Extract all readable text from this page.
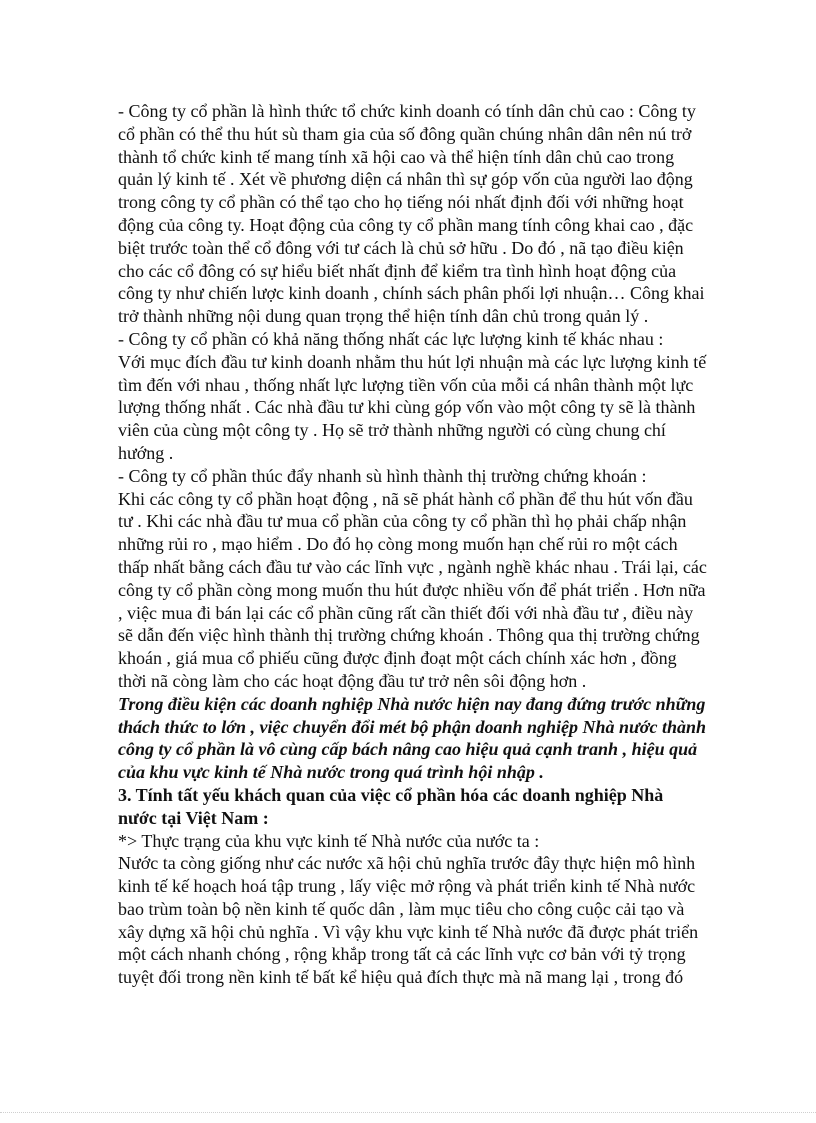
- Công ty cổ phần là hình thức tổ chức kinh doanh có tính dân chủ cao : Công ty
cổ phần có thể thu hút sù tham gia của số đông quần chúng nhân dân nên nú trở
thành tổ chức kinh tế mang tính xã hội cao và thể hiện tính dân chủ cao trong
quản lý kinh tế . Xét về phương diện cá nhân thì sự góp vốn của người lao động
trong công ty cổ phần có thể tạo cho họ tiếng nói nhất định đối với những hoạt
động của công ty. Hoạt động của công ty cổ phần mang tính công khai cao , đặc
biệt trước toàn thể cổ đông với tư cách là chủ sở hữu . Do đó , nã tạo điều kiện
cho các cổ đông có sự hiểu biết nhất định để kiểm tra tình hình hoạt động của
công ty như chiến lược kinh doanh , chính sách phân phối lợi nhuận… Công khai
trở thành những nội dung quan trọng thể hiện tính dân chủ trong quản lý .
- Công ty cổ phần có khả năng thống nhất các lực lượng kinh tế khác nhau :
Với mục đích đầu tư kinh doanh nhằm thu hút lợi nhuận mà các lực lượng kinh tế
tìm đến với nhau , thống nhất lực lượng tiền vốn của mỗi cá nhân thành một lực
lượng thống nhất . Các nhà đầu tư khi cùng góp vốn vào một công ty sẽ là thành
viên của cùng một công ty . Họ sẽ trở thành những người có cùng chung chí
hướng .
- Công ty cổ phần thúc đẩy nhanh sù hình thành thị trường chứng khoán :
Khi các công ty cổ phần hoạt động , nã sẽ phát hành cổ phần để thu hút vốn đầu
tư . Khi các nhà đầu tư mua cổ phần của công ty cổ phần thì họ phải chấp nhận
những rủi ro , mạo hiểm . Do đó họ còng mong muốn hạn chế rủi ro một cách
thấp nhất bằng cách đầu tư vào các lĩnh vực , ngành nghề khác nhau . Trái lại, các
công ty cổ phần còng mong muốn thu hút được nhiều vốn để phát triển . Hơn nữa
, việc mua đi bán lại các cổ phần cũng rất cần thiết đối với nhà đầu tư , điều này
sẽ dẫn đến việc hình thành thị trường chứng khoán . Thông qua thị trường chứng
khoán , giá mua cổ phiếu cũng được định đoạt một cách chính xác hơn , đồng
thời nã còng làm cho các hoạt động đầu tư trở nên sôi động hơn .
Trong điều kiện các doanh nghiệp Nhà nước hiện nay đang đứng trước những
thách thức to lớn , việc chuyển đổi mét bộ phận doanh nghiệp Nhà nước thành
công ty cổ phần là vô cùng cấp bách nâng cao hiệu quả cạnh tranh , hiệu quả
của khu vực kinh tế Nhà nước trong quá trình hội nhập .
3. Tính tất yếu khách quan của việc cổ phần hóa các doanh nghiệp Nhà
nước tại Việt Nam :
*> Thực trạng của khu vực kinh tế Nhà nước của nước ta :
Nước ta còng giống như các nước xã hội chủ nghĩa trước đây thực hiện mô hình
kinh tế kế hoạch hoá tập trung , lấy việc mở rộng và phát triển kinh tế Nhà nước
bao trùm toàn bộ nền kinh tế quốc dân , làm mục tiêu cho công cuộc cải tạo và
xây dựng xã hội chủ nghĩa . Vì vậy khu vực kinh tế Nhà nước đã được phát triển
một cách nhanh chóng , rộng khắp trong tất cả các lĩnh vực cơ bản với tỷ trọng
tuyệt đối trong nền kinh tế bất kể hiệu quả đích thực mà nã mang lại , trong đó
